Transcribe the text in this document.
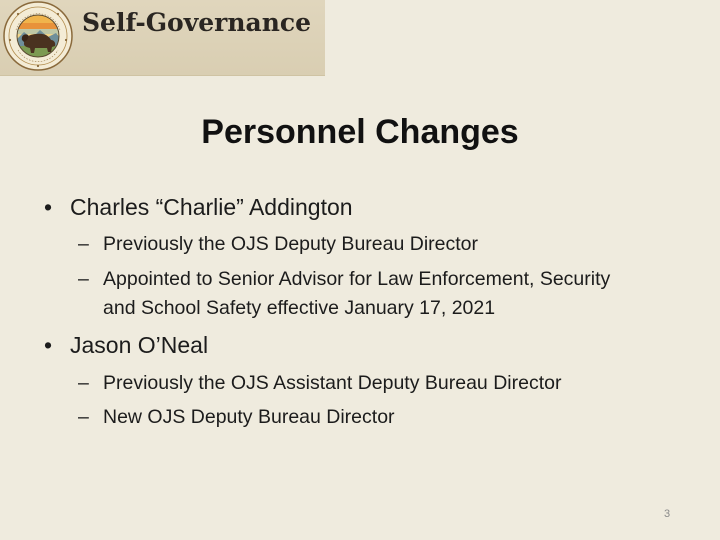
Self-Governance
Personnel Changes
• Charles “Charlie” Addington
– Previously the OJS Deputy Bureau Director
– Appointed to Senior Advisor for Law Enforcement, Security
and School Safety effective January 17, 2021
• Jason O’Neal
– Previously the OJS Assistant Deputy Bureau Director
– New OJS Deputy Bureau Director
3
